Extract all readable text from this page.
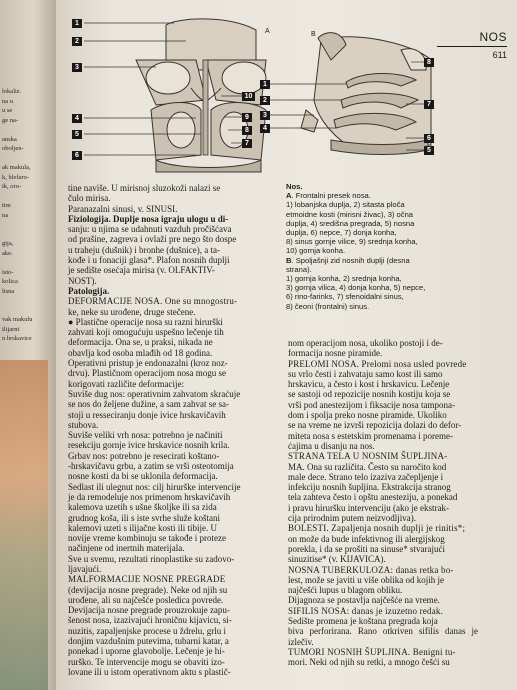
lokaliz.
na u
u se
ge na-
anska
oboljen-
ak makula,
k, blefaro-
ik, oro-
tim
na
gija,
ake.
isto-
kolica
ltsna
vak makulu
ilijarni
n hrskavice
NOS
611
A
1
2
3
4
5
6
10
9
8
7
B
1
2
3
4
8
7
6
5

Nos.

A. Frontalni presek nosa.

1) lobanjska duplja, 2) sitasta ploča

etmoidne kosti (mirisni živac), 3) očna

duplja, 4) središna pregrada, 5) nosna

duplja, 6) nepce, 7) donja konha,

8) sinus gornje vilice, 9) srednja konha,

10) gornja konha.

B. Spoljašnji zid nosnih duplji (desna

strana).

1) gornja konha, 2) srednja konha,

3) gornja vilica, 4) donja konha, 5) nepce,

6) rino-farinks, 7) sfenoidalni sinus,

8) čeoni (frontalni) sinus.

tine naviše. U mirisnoj sluzokoži nalazi se

čulo mirisa.

Paranazalni sinusi, v. SINUSI.

Fiziologija. Duplje nosa igraju ulogu u di-

sanju: u njima se udahnuti vazduh pročišćava

od prašine, zagreva i ovlaži pre nego što dospe

u traheju (dušnik) i bronhe (dušnice), a ta-

kođe i u fonaciji glasa*. Plafon nosnih duplji

je sedište osećaja mirisa (v. OLFAKTIV-

NOST).

Patologija.

DEFORMACIJE NOSA. One su mnogostru-

ke, neke su urođene, druge stečene.

● Plastične operacije nosa su razni hirurški

zahvati koji omogućuju uspešno lečenje tih

deformacija. Ona se, u praksi, nikada ne

obavlja kod osoba mlađih od 18 godina.

Operativni pristup je endonazalni (kroz noz-

drvu). Plastičnom operacijom nosa mogu se

korigovati različite deformacije:

Suviše dug nos: operativnim zahvatom skraćuje

se nos do željene dužine, a sam zahvat se sa-

stoji u resseciranju donje ivice hrskavičavih

stubova.

Suviše veliki vrh nosa: potrebno je načiniti

resekciju gornje ivice hrskavice nosnih krila.

Grbav nos: potrebno je resecirati koštano-

-hrskavičavu grbu, a zatim se vrši osteotomija

nosne kosti da bi se uklonila deformacija.

Sedlast ili ulegnut nos: cilj hirurške intervencije

je da remodeluje nos primenom hrskavičavih

kalemova uzetih s ušne školjke ili sa zida

grudnog koša, ili s iste svrhe služe koštani

kalemovi uzeti s ilijačne kosti ili tibije. U

novije vreme kombinuju se takođe i proteze

načinjene od inertnih materijala.

Sve u svemu, rezultati rinoplastike su zadovo-

ljavajući.

MALFORMACIJE NOSNE PREGRADE

(devijacija nosne pregrade). Neke od njih su

urođene, ali su najčešće posledica povrede.

Devijacija nosne pregrade prouzrokuje zapu-

šenost nosa, izazivajući hroničnu kijavicu, si-

nuzitis, zapaljenjske procese u ždrelu, grlu i

donjim vazdušnim putevima, tubarni katar, a

ponekad i upornе glavobolje. Lečenje je hi-

rurško. Te intervencije mogu se obaviti izo-

lovane ili u istom operativnom aktu s plastič-

nom operacijom nosa, ukoliko postoji i de-

formacija nosne piramide.

PRELOMI NOSA. Prelomi nosa usled povrede

su vrlo česti i zahvataju samo kost ili samo

hrskavicu, a često i kost i hrskavicu. Lečenje

se sastoji od repozicije nosnih kostiju koja se

vrši pod anestezijom i fiksacije nosa tampona-

dom i spolja preko nosne piramide. Ukoliko

se na vreme ne izvrši repozicija dolazi do defor-

miteta nosa s estetskim promenama i poreme-

ćajima u disanju na nos.

STRANA TELA U NOSNIM ŠUPLJINA-

MA. Ona su različita. Često su naročito kod

male dece. Strano telo izaziva začepljenje i

infekciju nosnih šupljina. Ekstrakcija stranog

tela zahteva često i opštu anesteziju, a ponekad

i pravu hiruršku intervenciju (ako je ekstrak-

cija prirodnim putem neizvodljiva).

BOLESTI. Zapaljenja nosnih duplji je rinitis*;

on može da bude infektivnog ili alergijskog

porekla, i da se prošiti na sinuse* stvarajući

sinuzitise* (v. KIJAVICA).

NOSNA TUBERKULOZA: danas retka bo-

lest, može se javiti u više oblika od kojih je

najčešći lupus u blagom obliku.

Dijagnoza se postavlja najčešće na vreme.

SIFILIS NOSA: danas je izuzetno redak.

Sedište promena je koštana pregrada koja

biva perforirana. Rano otkriven sifilis danas je izlečiv.

TUMORI NOSNIH ŠUPLJINA. Benigni tu-

mori. Neki od njih su retki, a mnogo češći su
